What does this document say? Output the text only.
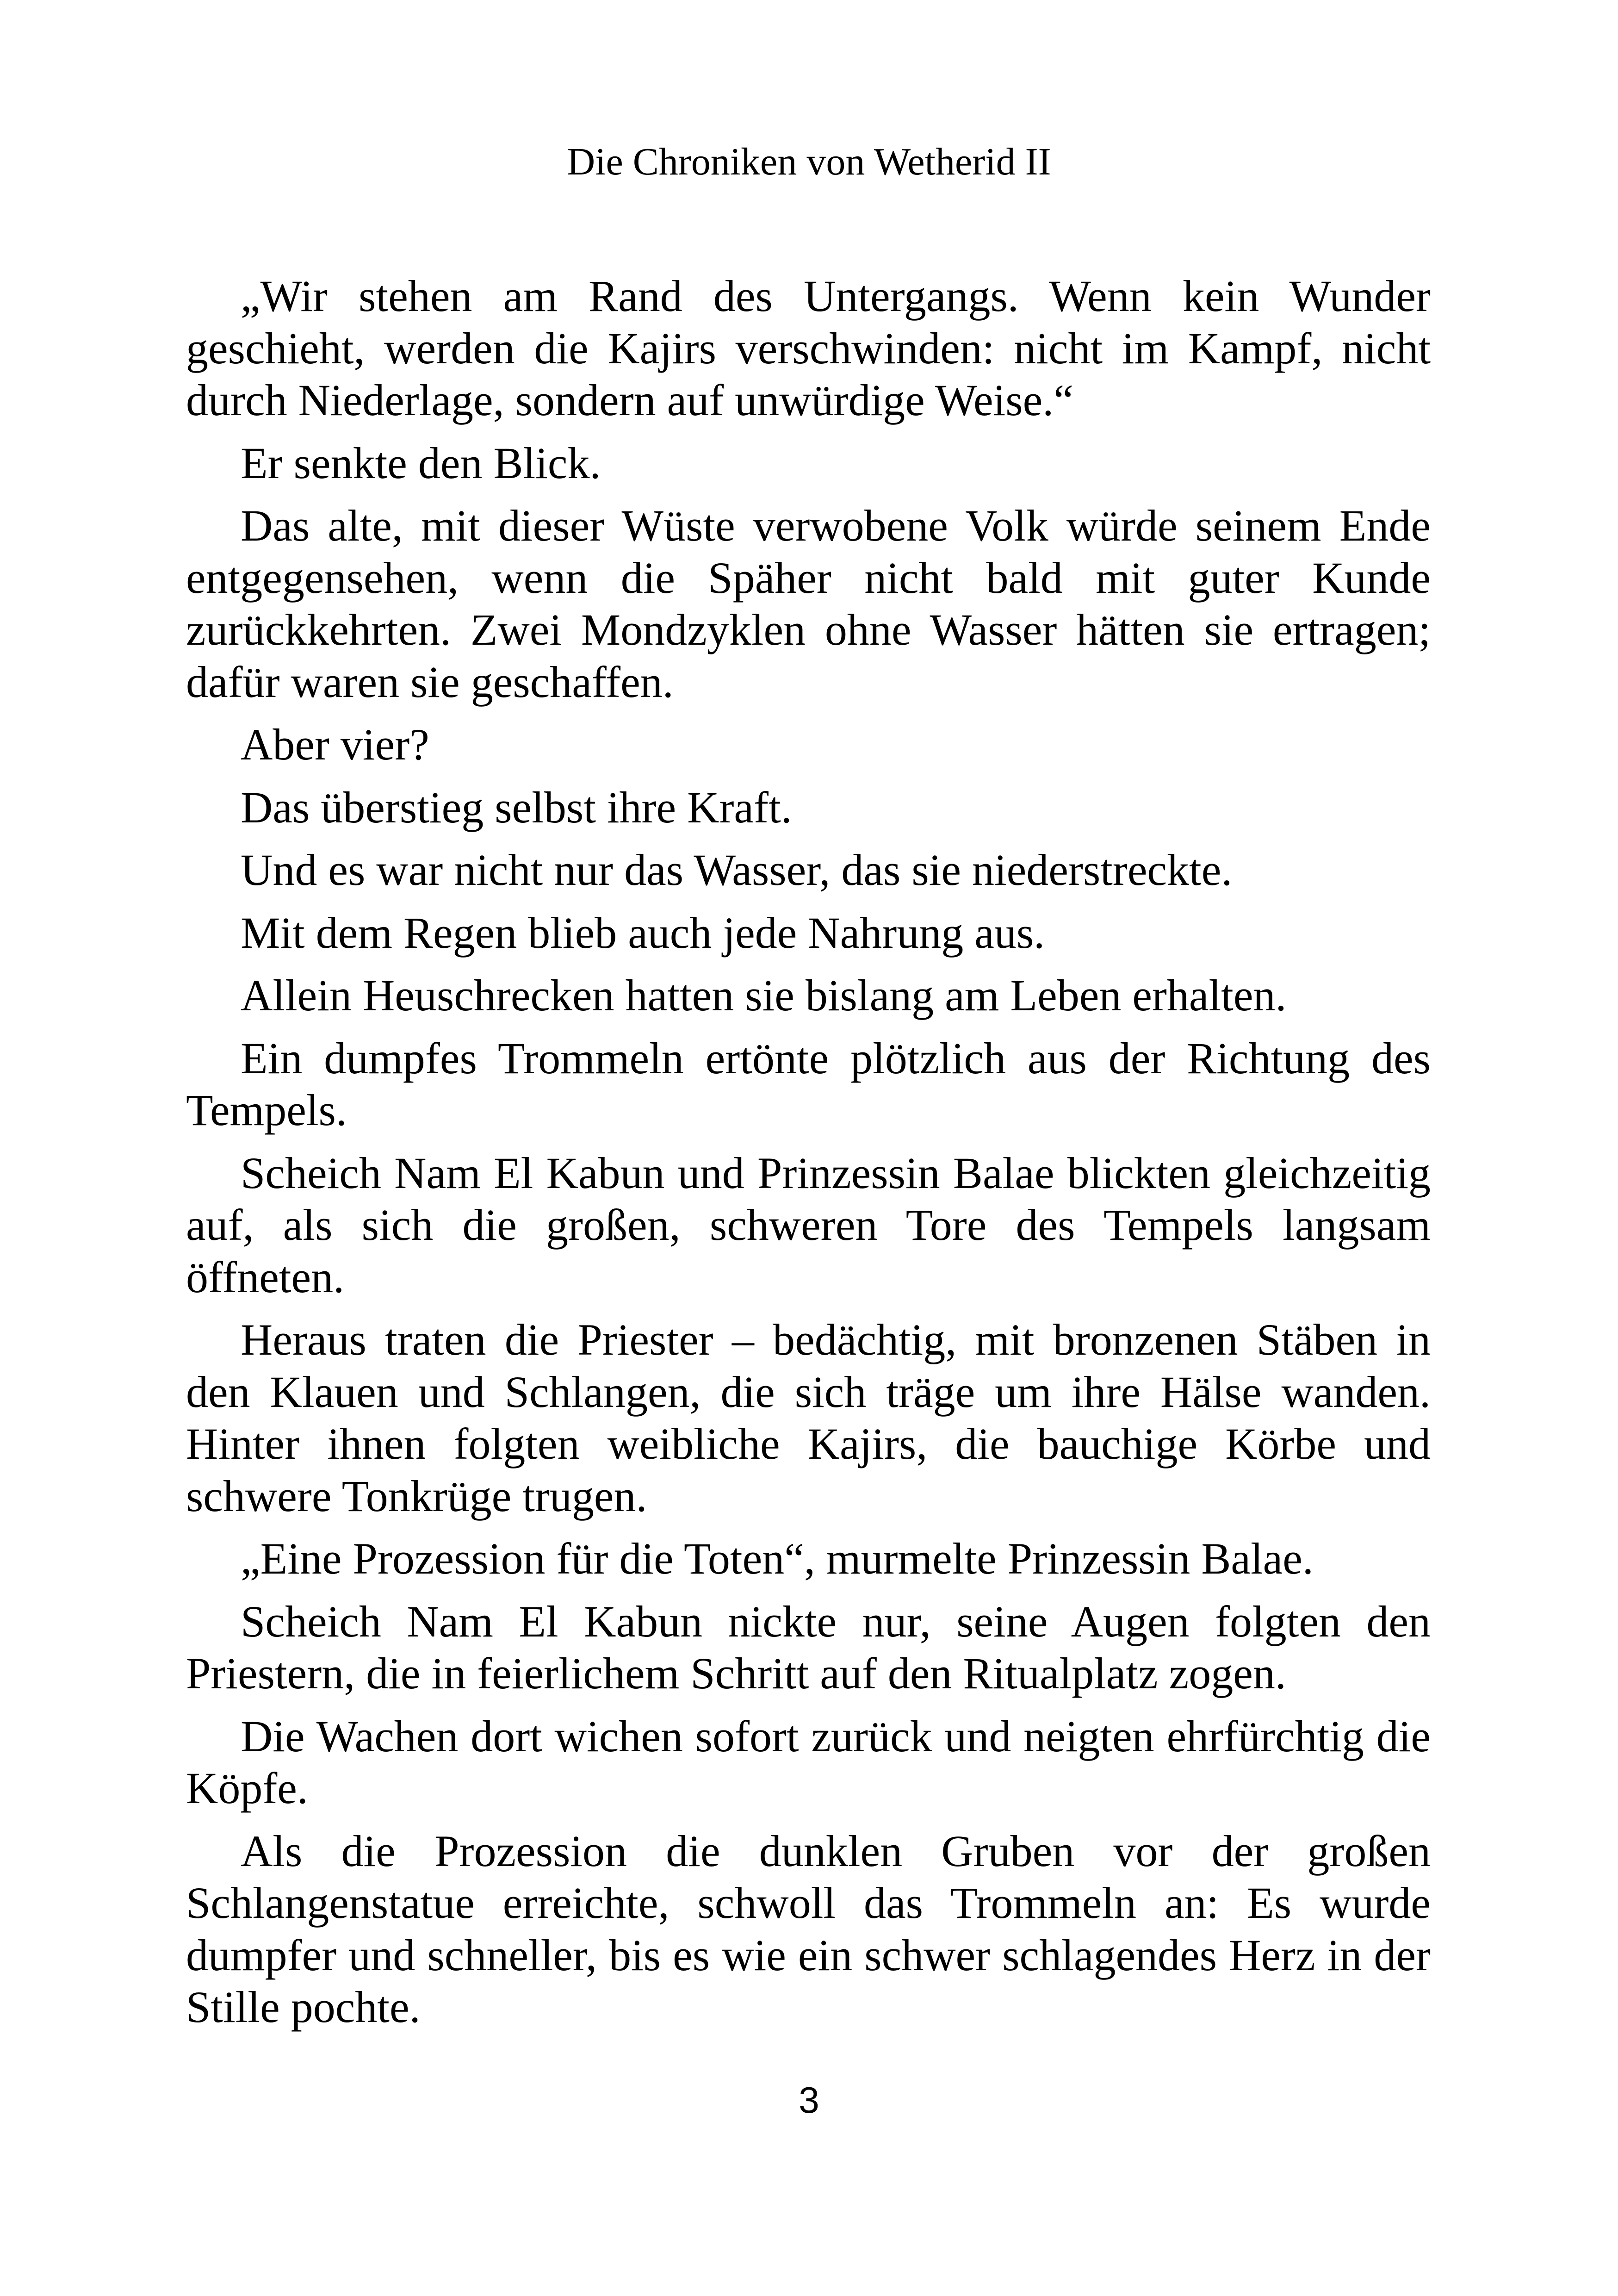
Die Chroniken von Wetherid II

„Wir stehen am Rand des Untergangs. Wenn kein Wunder geschieht, werden die Kajirs verschwinden: nicht im Kampf, nicht durch Niederlage, sondern auf unwürdige Weise.“

Er senkte den Blick.

Das alte, mit dieser Wüste verwobene Volk würde seinem Ende entgegensehen, wenn die Späher nicht bald mit guter Kunde zurückkehrten. Zwei Mondzyklen ohne Wasser hätten sie ertragen; dafür waren sie geschaffen.

Aber vier?

Das überstieg selbst ihre Kraft.

Und es war nicht nur das Wasser, das sie niederstreckte.

Mit dem Regen blieb auch jede Nahrung aus.

Allein Heuschrecken hatten sie bislang am Leben erhalten.

Ein dumpfes Trommeln ertönte plötzlich aus der Richtung des Tempels.

Scheich Nam El Kabun und Prinzessin Balae blickten gleichzeitig auf, als sich die großen, schweren Tore des Tempels langsam öffneten.

Heraus traten die Priester – bedächtig, mit bronzenen Stäben in den Klauen und Schlangen, die sich träge um ihre Hälse wanden. Hinter ihnen folgten weibliche Kajirs, die bauchige Körbe und schwere Tonkrüge trugen.

„Eine Prozession für die Toten“, murmelte Prinzessin Balae.

Scheich Nam El Kabun nickte nur, seine Augen folgten den Priestern, die in feierlichem Schritt auf den Ritualplatz zogen.

Die Wachen dort wichen sofort zurück und neigten ehrfürchtig die Köpfe.

Als die Prozession die dunklen Gruben vor der großen Schlangenstatue erreichte, schwoll das Trommeln an: Es wurde dumpfer und schneller, bis es wie ein schwer schlagendes Herz in der Stille pochte.

3
